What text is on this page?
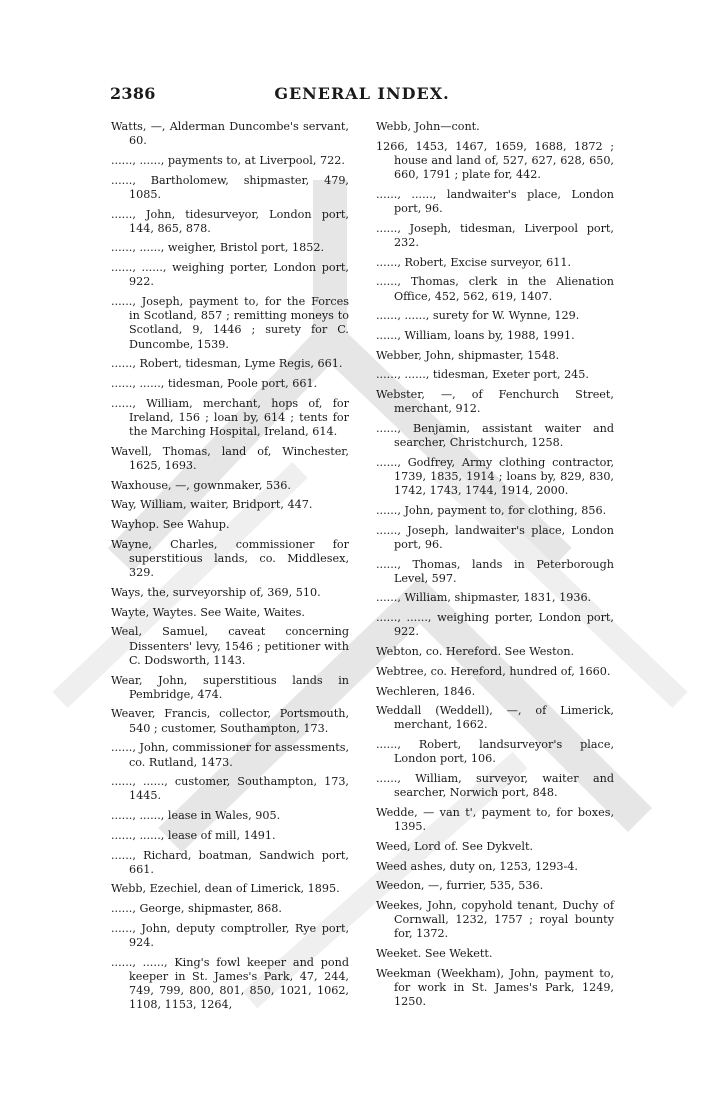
2386	GENERAL INDEX.
Watts, —, Alderman Duncombe's servant, 60.
......, ......, payments to, at Liverpool, 722.
......, Bartholomew, shipmaster, 479, 1085.
......, John, tidesurveyor, London port, 144, 865, 878.
......, ......, weigher, Bristol port, 1852.
......, ......, weighing porter, London port, 922.
......, Joseph, payment to, for the Forces in Scotland, 857 ; remitting moneys to Scotland, 9, 1446 ; surety for C. Duncombe, 1539.
......, Robert, tidesman, Lyme Regis, 661.
......, ......, tidesman, Poole port, 661.
......, William, merchant, hops of, for Ireland, 156 ; loan by, 614 ; tents for the Marching Hospital, Ireland, 614.
Wavell, Thomas, land of, Winchester, 1625, 1693.
Waxhouse, —, gownmaker, 536.
Way, William, waiter, Bridport, 447.
Wayhop. See Wahup.
Wayne, Charles, commissioner for superstitious lands, co. Middlesex, 329.
Ways, the, surveyorship of, 369, 510.
Wayte, Waytes. See Waite, Waites.
Weal, Samuel, caveat concerning Dissenters' levy, 1546 ; petitioner with C. Dodsworth, 1143.
Wear, John, superstitious lands in Pembridge, 474.
Weaver, Francis, collector, Portsmouth, 540 ; customer, Southampton, 173.
......, John, commissioner for assessments, co. Rutland, 1473.
......, ......, customer, Southampton, 173, 1445.
......, ......, lease in Wales, 905.
......, ......, lease of mill, 1491.
......, Richard, boatman, Sandwich port, 661.
Webb, Ezechiel, dean of Limerick, 1895.
......, George, shipmaster, 868.
......, John, deputy comptroller, Rye port, 924.
......, ......, King's fowl keeper and pond keeper in St. James's Park, 47, 244, 749, 799, 800, 801, 850, 1021, 1062, 1108, 1153, 1264,
Webb, John—cont.
1266, 1453, 1467, 1659, 1688, 1872 ; house and land of, 527, 627, 628, 650, 660, 1791 ; plate for, 442.
......, ......, landwaiter's place, London port, 96.
......, Joseph, tidesman, Liverpool port, 232.
......, Robert, Excise surveyor, 611.
......, Thomas, clerk in the Alienation Office, 452, 562, 619, 1407.
......, ......, surety for W. Wynne, 129.
......, William, loans by, 1988, 1991.
Webber, John, shipmaster, 1548.
......, ......, tidesman, Exeter port, 245.
Webster, —, of Fenchurch Street, merchant, 912.
......, Benjamin, assistant waiter and searcher, Christchurch, 1258.
......, Godfrey, Army clothing contractor, 1739, 1835, 1914 ; loans by, 829, 830, 1742, 1743, 1744, 1914, 2000.
......, John, payment to, for clothing, 856.
......, Joseph, landwaiter's place, London port, 96.
......, Thomas, lands in Peterborough Level, 597.
......, William, shipmaster, 1831, 1936.
......, ......, weighing porter, London port, 922.
Webton, co. Hereford. See Weston.
Webtree, co. Hereford, hundred of, 1660.
Wechleren, 1846.
Weddall (Weddell), —, of Limerick, merchant, 1662.
......, Robert, landsurveyor's place, London port, 106.
......, William, surveyor, waiter and searcher, Norwich port, 848.
Wedde, — van t', payment to, for boxes, 1395.
Weed, Lord of. See Dykvelt.
Weed ashes, duty on, 1253, 1293-4.
Weedon, —, furrier, 535, 536.
Weekes, John, copyhold tenant, Duchy of Cornwall, 1232, 1757 ; royal bounty for, 1372.
Weeket. See Wekett.
Weekman (Weekham), John, payment to, for work in St. James's Park, 1249, 1250.
